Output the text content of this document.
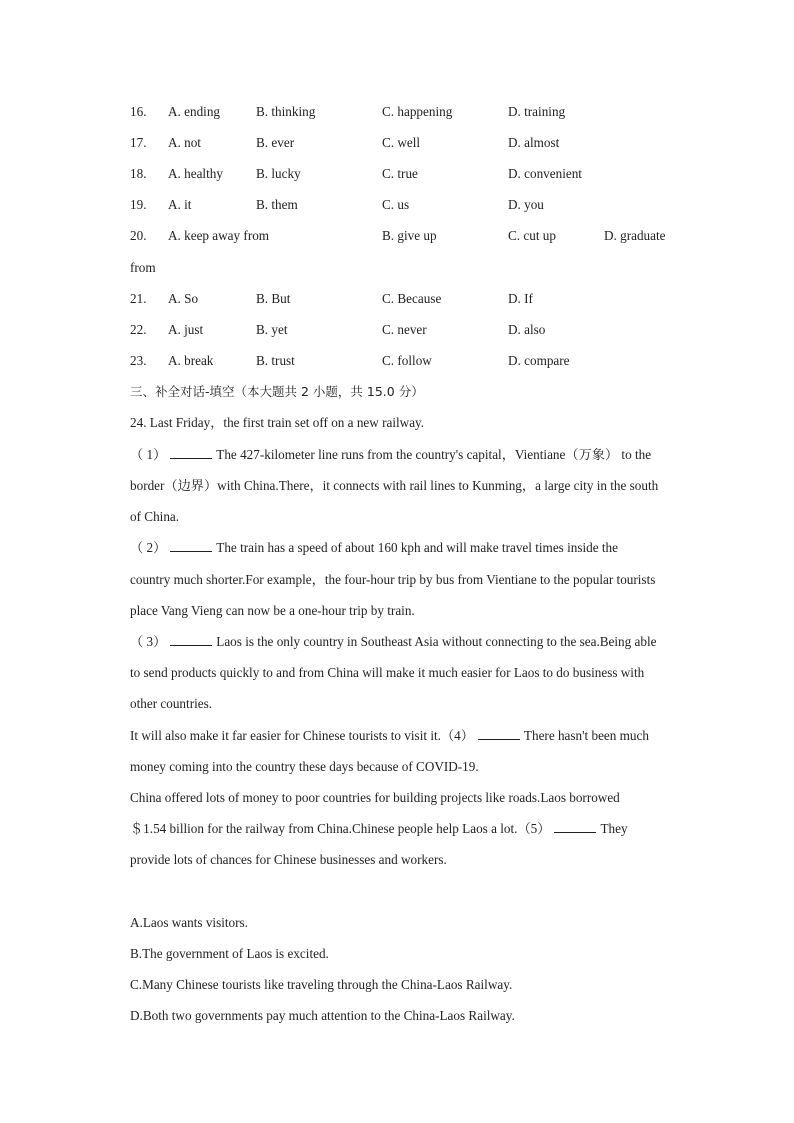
16. A. ending	B. thinking	C. happening	D. training
17. A. not	B. ever	C. well	D. almost
18. A. healthy	B. lucky	C. true	D. convenient
19. A. it	B. them	C. us	D. you
20. A. keep away from	B. give up	C. cut up	D. graduate
from
21. A. So	B. But	C. Because	D. If
22. A. just	B. yet	C. never	D. also
23. A. break	B. trust	C. follow	D. compare
三、补全对话-填空（本大题共 2 小题，共 15.0 分）
24. Last Friday，the first train set off on a new railway.
（ 1）	The 427-kilometer line runs from the country's capital，Vientiane（万象） to the
border（边界）with China.There，it connects with rail lines to Kunming，a large city in the south
of China.
（ 2）	The train has a speed of about 160 kph and will make travel times inside the
country much shorter.For example，the four-hour trip by bus from Vientiane to the popular tourists
place Vang Vieng can now be a one-hour trip by train.
（ 3）	Laos is the only country in Southeast Asia without connecting to the sea.Being able
to send products quickly to and from China will make it much easier for Laos to do business with
other countries.
It will also make it far easier for Chinese tourists to visit it.（4）	There hasn't been much
money coming into the country these days because of COVID-19.
China offered lots of money to poor countries for building projects like roads.Laos borrowed
＄1.54 billion for the railway from China.Chinese people help Laos a lot.（5）	They
provide lots of chances for Chinese businesses and workers.
A.Laos wants visitors.
B.The government of Laos is excited.
C.Many Chinese tourists like traveling through the China-Laos Railway.
D.Both two governments pay much attention to the China-Laos Railway.
